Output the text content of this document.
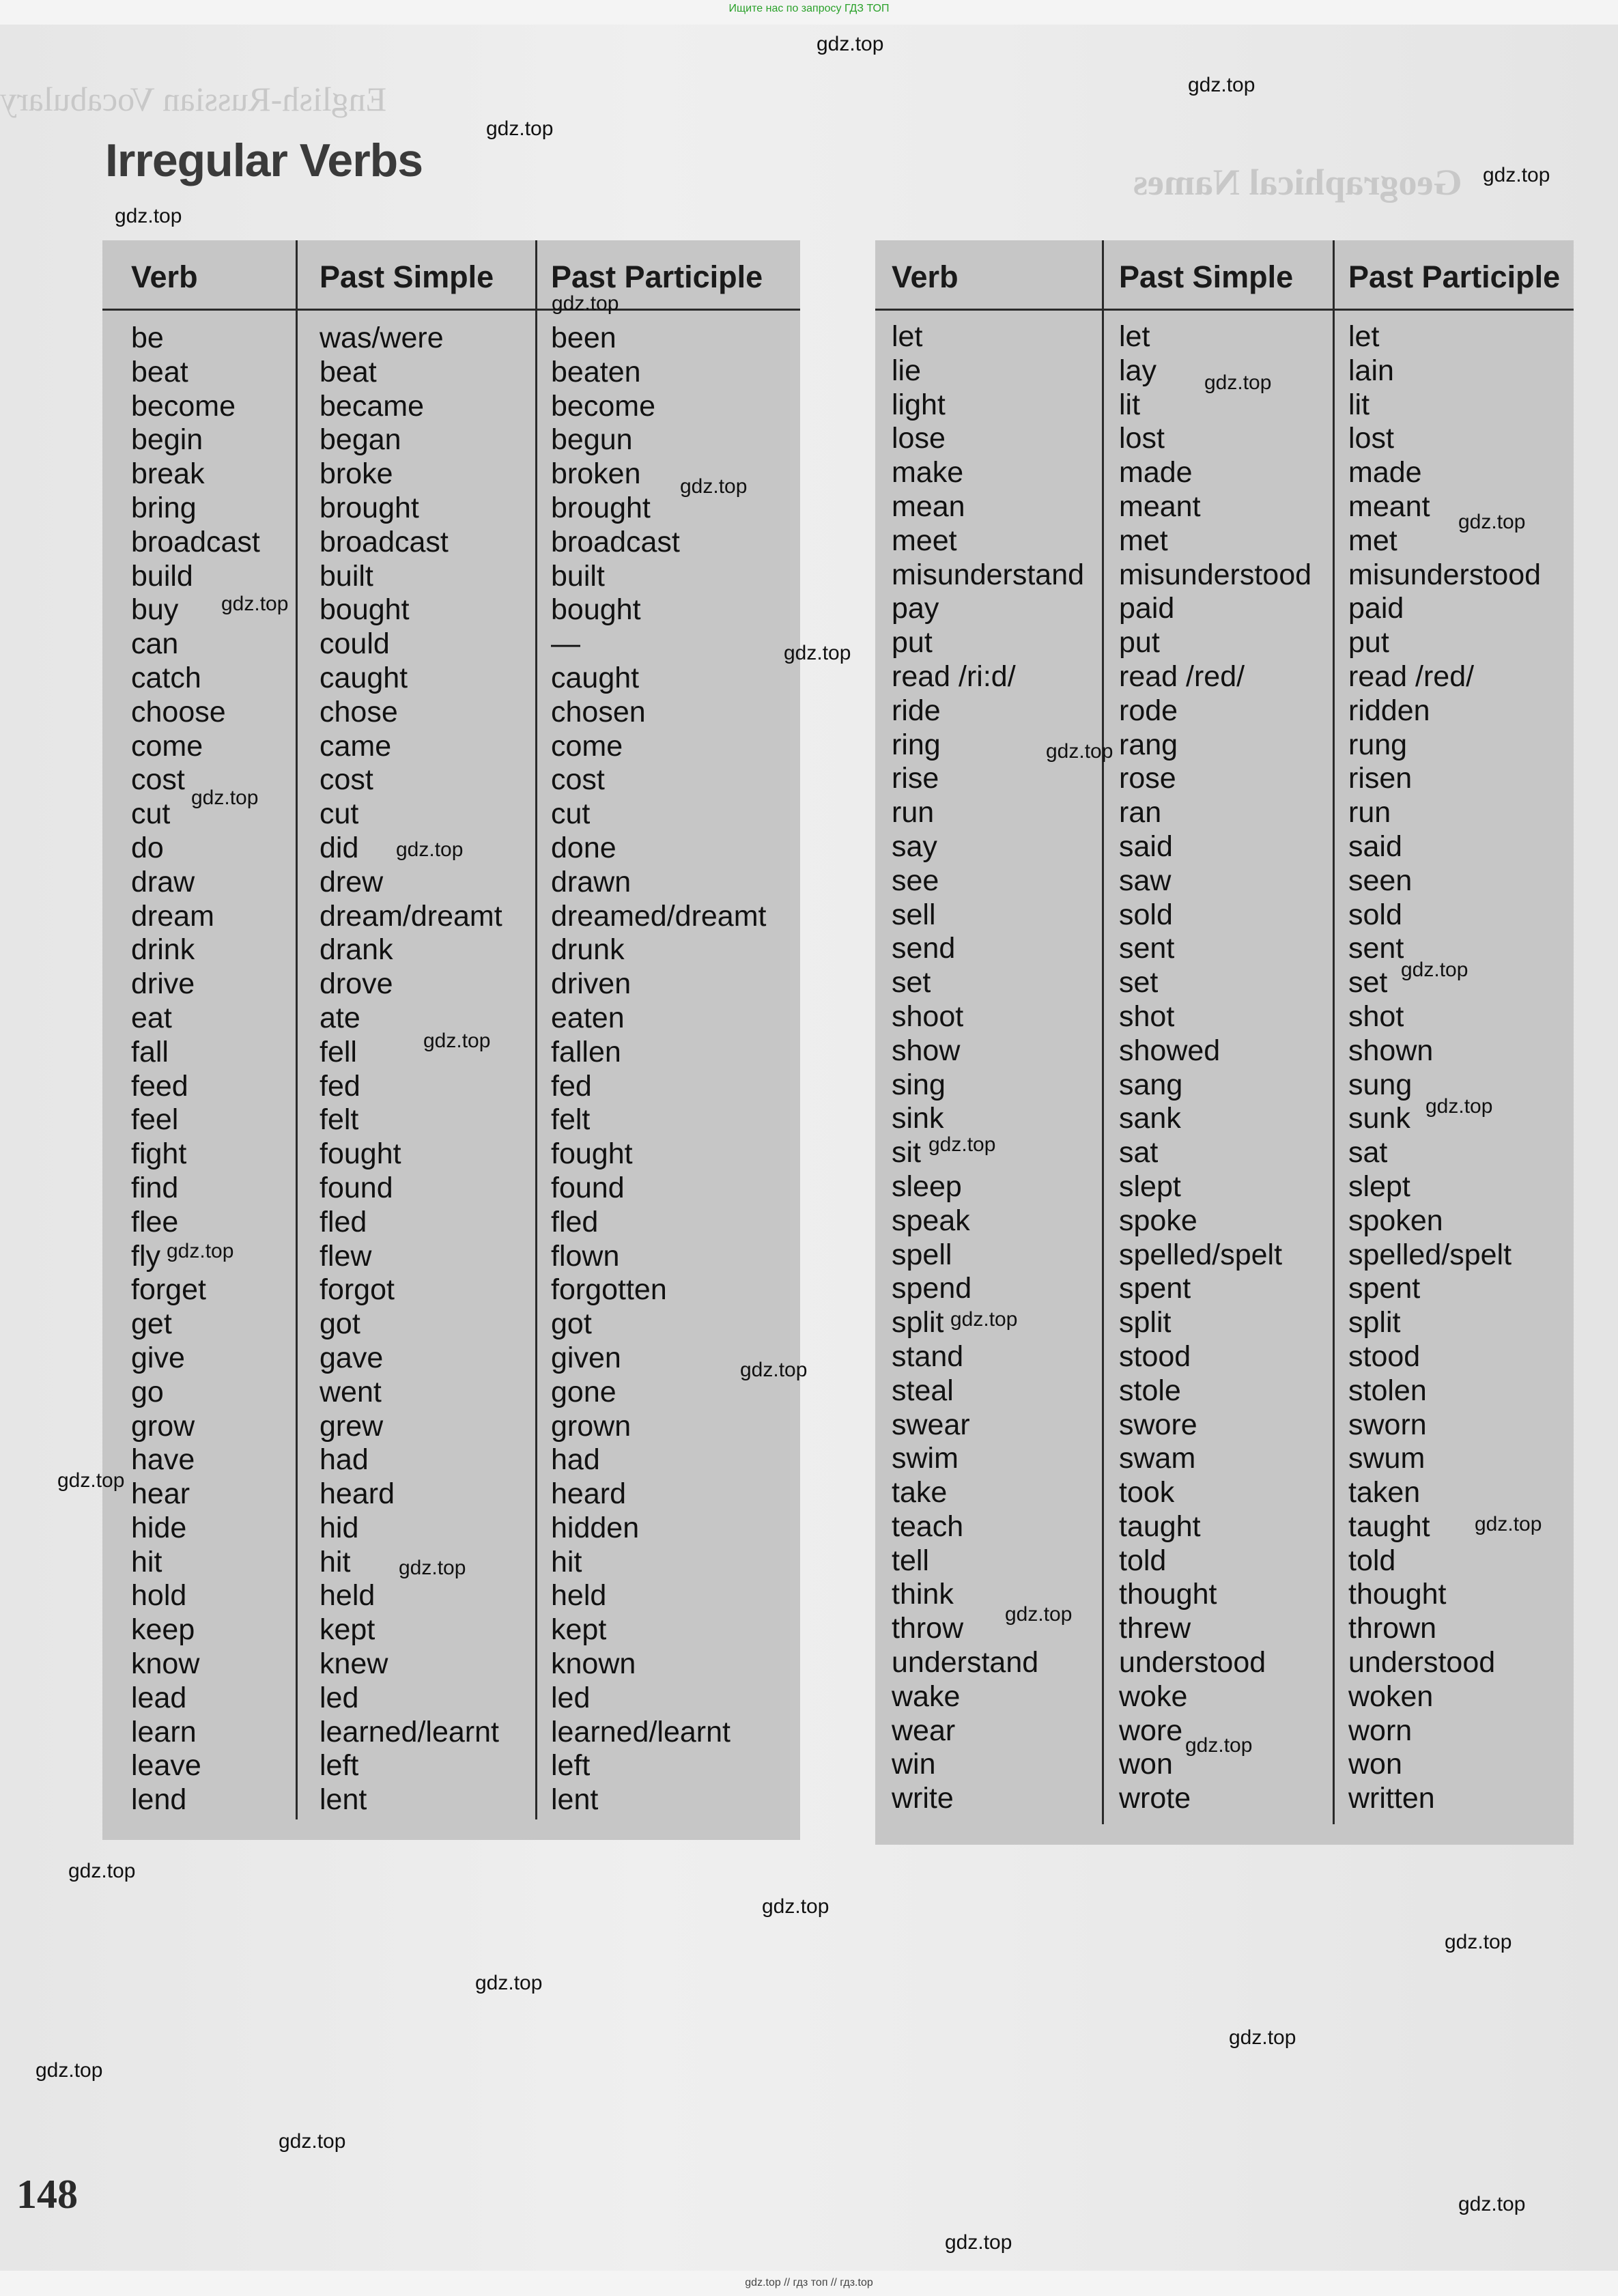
Ищите нас по запросу ГДЗ ТОП
English-Russian Vocabulary
Geographical Names
Irregular Verbs
Verb
be
beat
become
begin
break
bring
broadcast
build
buy
can
catch
choose
come
cost
cut
do
draw
dream
drink
drive
eat
fall
feed
feel
fight
find
flee
fly
forget
get
give
go
grow
have
hear
hide
hit
hold
keep
know
lead
learn
leave
lend
Past Simple
was/were
beat
became
began
broke
brought
broadcast
built
bought
could
caught
chose
came
cost
cut
did
drew
dream/dreamt
drank
drove
ate
fell
fed
felt
fought
found
fled
flew
forgot
got
gave
went
grew
had
heard
hid
hit
held
kept
knew
led
learned/learnt
left
lent
Past Participle
been
beaten
become
begun
broken
brought
broadcast
built
bought
—
caught
chosen
come
cost
cut
done
drawn
dreamed/dreamt
drunk
driven
eaten
fallen
fed
felt
fought
found
fled
flown
forgotten
got
given
gone
grown
had
heard
hidden
hit
held
kept
known
led
learned/learnt
left
lent
Verb
let
lie
light
lose
make
mean
meet
misunderstand
pay
put
read /ri:d/
ride
ring
rise
run
say
see
sell
send
set
shoot
show
sing
sink
sit
sleep
speak
spell
spend
split
stand
steal
swear
swim
take
teach
tell
think
throw
understand
wake
wear
win
write
Past Simple
let
lay
lit
lost
made
meant
met
misunderstood
paid
put
read /red/
rode
rang
rose
ran
said
saw
sold
sent
set
shot
showed
sang
sank
sat
slept
spoke
spelled/spelt
spent
split
stood
stole
swore
swam
took
taught
told
thought
threw
understood
woke
wore
won
wrote
Past Participle
let
lain
lit
lost
made
meant
met
misunderstood
paid
put
read /red/
ridden
rung
risen
run
said
seen
sold
sent
set
shot
shown
sung
sunk
sat
slept
spoken
spelled/spelt
spent
split
stood
stolen
sworn
swum
taken
taught
told
thought
thrown
understood
woken
worn
won
written
148
gdz.top
gdz.top
gdz.top
gdz.top
gdz.top
gdz.top
gdz.top
gdz.top
gdz.top
gdz.top
gdz.top
gdz.top
gdz.top
gdz.top
gdz.top
gdz.top
gdz.top
gdz.top
gdz.top
gdz.top
gdz.top
gdz.top
gdz.top
gdz.top
gdz.top
gdz.top
gdz.top
gdz.top
gdz.top
gdz.top
gdz.top
gdz.top
gdz.top
gdz.top
gdz.top
gdz.top // гдз топ // гдз.top
